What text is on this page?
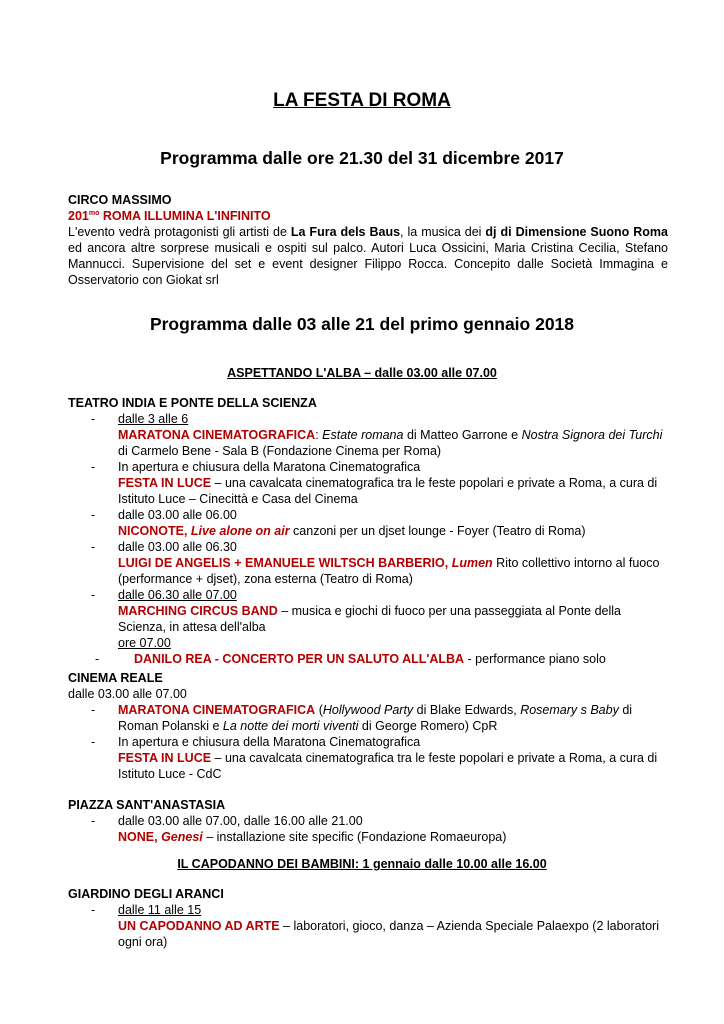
LA FESTA DI ROMA
Programma dalle ore 21.30 del 31 dicembre 2017
CIRCO MASSIMO
$201^{mo}$ ROMA ILLUMINA L'INFINITO

L'evento vedrà protagonisti gli artisti de La Fura dels Baus, la musica dei dj di Dimensione Suono Roma ed ancora altre sorprese musicali e ospiti sul palco. Autori Luca Ossicini, Maria Cristina Cecilia, Stefano Mannucci. Supervisione del set e event designer Filippo Rocca. Concepito dalle Società Immagina e Osservatorio con Giokat srl

Programma dalle 03 alle 21 del primo gennaio 2018
ASPETTANDO L'ALBA – dalle 03.00 alle 07.00
TEATRO INDIA E PONTE DELLA SCIENZA
- dalle 3 alle 6
MARATONA CINEMATOGRAFICA: Estate romana di Matteo Garrone e Nostra Signora dei Turchi di Carmelo Bene - Sala B (Fondazione Cinema per Roma)
- In apertura e chiusura della Maratona Cinematografica
FESTA IN LUCE – una cavalcata cinematografica tra le feste popolari e private a Roma, a cura di Istituto Luce – Cinecittà e Casa del Cinema
- dalle 03.00 alle 06.00
NICONOTE, Live alone on air canzoni per un djset lounge - Foyer (Teatro di Roma)
- dalle 03.00 alle 06.30
LUIGI DE ANGELIS + EMANUELE WILTSCH BARBERIO, Lumen Rito collettivo intorno al fuoco (performance + djset), zona esterna (Teatro di Roma)
- dalle 06.30 alle 07.00
MARCHING CIRCUS BAND – musica e giochi di fuoco per una passeggiata al Ponte della Scienza, in attesa dell'alba
ore 07.00
- DANILO REA - CONCERTO PER UN SALUTO ALL'ALBA - performance piano solo
CINEMA REALE
dalle 03.00 alle 07.00
- MARATONA CINEMATOGRAFICA (Hollywood Party di Blake Edwards, Rosemary s Baby di Roman Polanski e La notte dei morti viventi di George Romero) CpR
- In apertura e chiusura della Maratona Cinematografica
FESTA IN LUCE – una cavalcata cinematografica tra le feste popolari e private a Roma, a cura di Istituto Luce - CdC
PIAZZA SANT'ANASTASIA
- dalle 03.00 alle 07.00, dalle 16.00 alle 21.00
NONE, Genesi – installazione site specific (Fondazione Romaeuropa)
IL CAPODANNO DEI BAMBINI: 1 gennaio dalle 10.00 alle 16.00
GIARDINO DEGLI ARANCI
- dalle 11 alle 15
UN CAPODANNO AD ARTE – laboratori, gioco, danza – Azienda Speciale Palaexpo (2 laboratori ogni ora)
